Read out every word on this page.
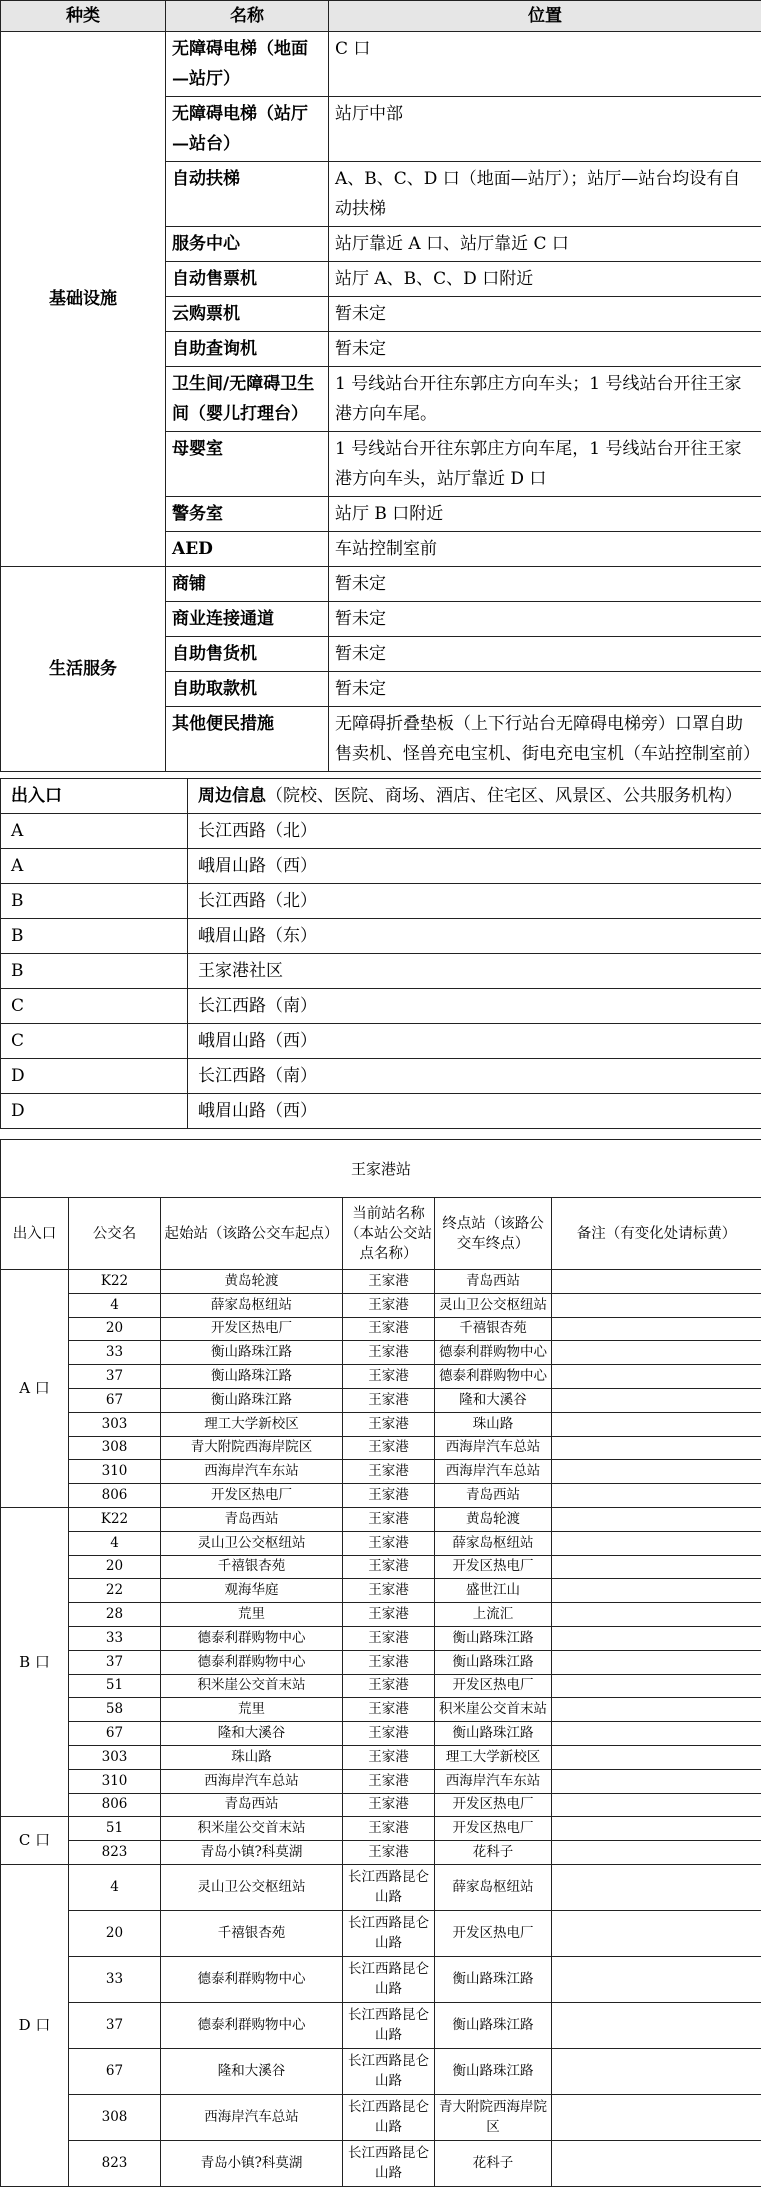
种类	名称	位置
基础设施	无障碍电梯（地面—站厅）	C 口
	无障碍电梯（站厅—站台）	站厅中部
	自动扶梯	A、B、C、D 口（地面—站厅）；站厅—站台均设有自动扶梯
	服务中心	站厅靠近 A 口、站厅靠近 C 口
	自动售票机	站厅 A、B、C、D 口附近
	云购票机	暂未定
	自助查询机	暂未定
	卫生间/无障碍卫生间（婴儿打理台）	1 号线站台开往东郭庄方向车头；1 号线站台开往王家港方向车尾。
	母婴室	1 号线站台开往东郭庄方向车尾，1 号线站台开往王家港方向车头，站厅靠近 D 口
	警务室	站厅 B 口附近
	AED	车站控制室前
生活服务	商铺	暂未定
	商业连接通道	暂未定
	自助售货机	暂未定
	自助取款机	暂未定
	其他便民措施	无障碍折叠垫板（上下行站台无障碍电梯旁）口罩自助售卖机、怪兽充电宝机、街电充电宝机（车站控制室前）
出入口	周边信息（院校、医院、商场、酒店、住宅区、风景区、公共服务机构）
A	长江西路（北）
A	峨眉山路（西）
B	长江西路（北）
B	峨眉山路（东）
B	王家港社区
C	长江西路（南）
C	峨眉山路（西）
D	长江西路（南）
D	峨眉山路（西）
王家港站					
出入口	公交名	起始站（该路公交车起点）	当前站名称（本站公交站点名称）	终点站（该路公交车终点）	备注（有变化处请标黄）
A 口	K22	黄岛轮渡	王家港	青岛西站	
	4	薛家岛枢纽站	王家港	灵山卫公交枢纽站	
	20	开发区热电厂	王家港	千禧银杏苑	
	33	衡山路珠江路	王家港	德泰利群购物中心	
	37	衡山路珠江路	王家港	德泰利群购物中心	
	67	衡山路珠江路	王家港	隆和大溪谷	
	303	理工大学新校区	王家港	珠山路	
	308	青大附院西海岸院区	王家港	西海岸汽车总站	
	310	西海岸汽车东站	王家港	西海岸汽车总站	
	806	开发区热电厂	王家港	青岛西站	
B 口	K22	青岛西站	王家港	黄岛轮渡	
	4	灵山卫公交枢纽站	王家港	薛家岛枢纽站	
	20	千禧银杏苑	王家港	开发区热电厂	
	22	观海华庭	王家港	盛世江山	
	28	荒里	王家港	上流汇	
	33	德泰利群购物中心	王家港	衡山路珠江路	
	37	德泰利群购物中心	王家港	衡山路珠江路	
	51	积米崖公交首末站	王家港	开发区热电厂	
	58	荒里	王家港	积米崖公交首末站	
	67	隆和大溪谷	王家港	衡山路珠江路	
	303	珠山路	王家港	理工大学新校区	
	310	西海岸汽车总站	王家港	西海岸汽车东站	
	806	青岛西站	王家港	开发区热电厂	
C 口	51	积米崖公交首末站	王家港	开发区热电厂	
	823	青岛小镇?科莫湖	王家港	花科子	
D 口	4	灵山卫公交枢纽站	长江西路昆仑山路	薛家岛枢纽站	
	20	千禧银杏苑	长江西路昆仑山路	开发区热电厂	
	33	德泰利群购物中心	长江西路昆仑山路	衡山路珠江路	
	37	德泰利群购物中心	长江西路昆仑山路	衡山路珠江路	
	67	隆和大溪谷	长江西路昆仑山路	衡山路珠江路	
	308	西海岸汽车总站	长江西路昆仑山路	青大附院西海岸院区	
	823	青岛小镇?科莫湖	长江西路昆仑山路	花科子	
